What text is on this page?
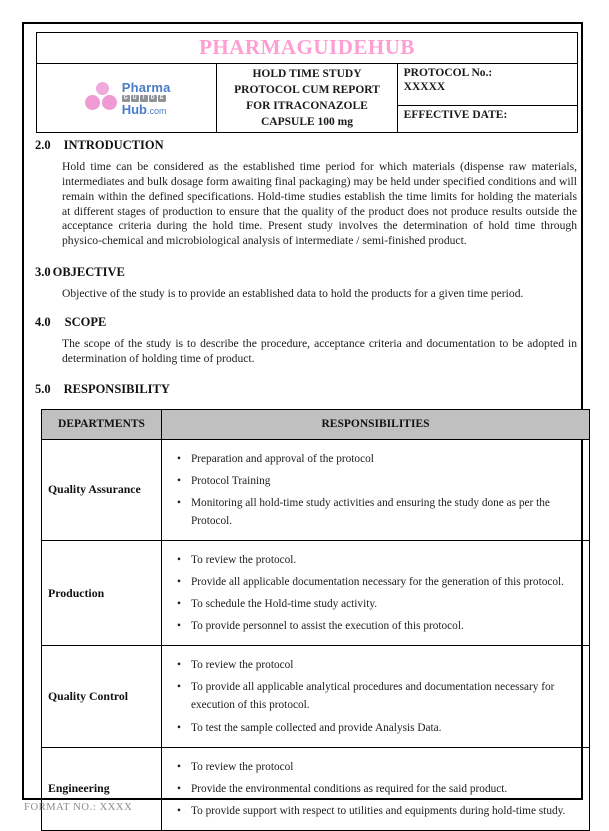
PHARMAGUIDEHUB

Pharma
G	U	I	D	E
Hub.com
	HOLD TIME STUDY PROTOCOL CUM REPORT FOR ITRACONAZOLE CAPSULE 100 mg	
PROTOCOL No.:
XXXXX

EFFECTIVE DATE:
2.0 INTRODUCTION

Hold time can be considered as the established time period for which materials (dispense raw materials, intermediates and bulk dosage form awaiting final packaging) may be held under specified conditions and will remain within the defined specifications. Hold-time studies establish the time limits for holding the materials at different stages of production to ensure that the quality of the product does not produce results outside the acceptance criteria during the hold time. Present study involves the determination of hold time through physico-chemical and microbiological analysis of intermediate / semi-finished product.

3.0 OBJECTIVE

Objective of the study is to provide an established data to hold the products for a given time period.

4.0 SCOPE

The scope of the study is to describe the procedure, acceptance criteria and documentation to be adopted in determination of holding time of product.

5.0 RESPONSIBILITY
DEPARTMENTS	RESPONSIBILITIES
Quality Assurance	
• Preparation and approval of the protocol
• Protocol Training
• Monitoring all hold-time study activities and ensuring the study done as per the Protocol.

Production	
• To review the protocol.
• Provide all applicable documentation necessary for the generation of this protocol.
• To schedule the Hold-time study activity.
• To provide personnel to assist the execution of this protocol.

Quality Control	
• To review the protocol
• To provide all applicable analytical procedures and documentation necessary for execution of this protocol.
• To test the sample collected and provide Analysis Data.

Engineering	
• To review the protocol
• Provide the environmental conditions as required for the said product.
• To provide support with respect to utilities and equipments during hold-time study.
FORMAT NO.: XXXX
